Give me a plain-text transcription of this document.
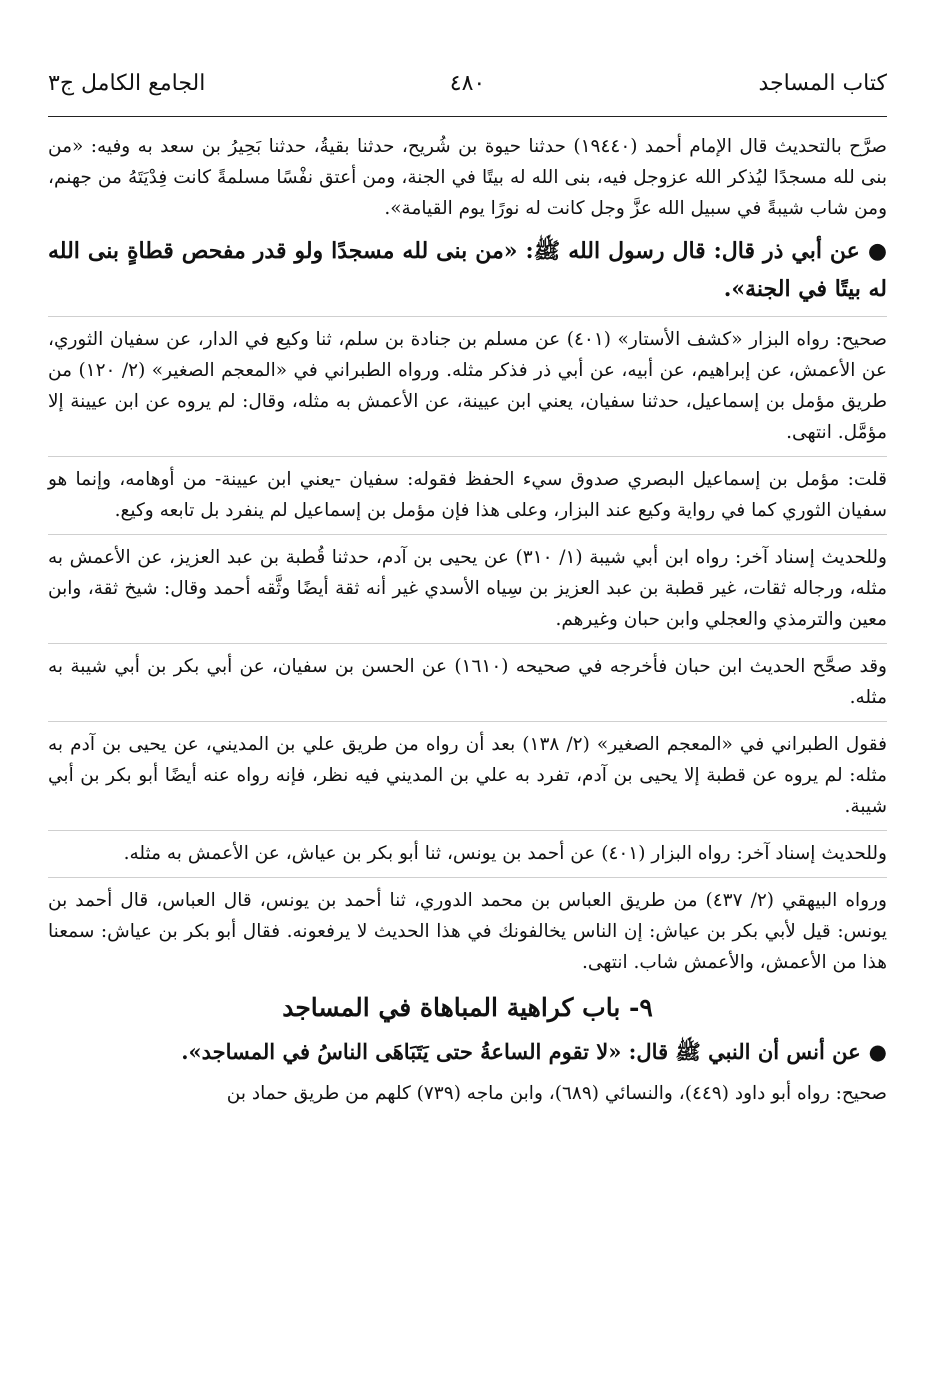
كتاب المساجد
٤٨٠
الجامع الكامل ج٣

صرَّح بالتحديث قال الإمام أحمد (١٩٤٤٠) حدثنا حيوة بن شُريح، حدثنا بقيةُ، حدثنا بَحِيرُ بن سعد به وفيه: «من بنى لله مسجدًا ليُذكر الله عزوجل فيه، بنى الله له بيتًا في الجنة، ومن أعتق نفْسًا مسلمةً كانت فِدْيَتَهُ من جهنم، ومن شاب شيبةً في سبيل الله عزَّ وجل كانت له نورًا يوم القيامة».

●عن أبي ذر قال: قال رسول الله ﷺ: «من بنى لله مسجدًا ولو قدر مفحص قطاةٍ بنى الله له بيتًا في الجنة».

صحيح: رواه البزار «كشف الأستار» (٤٠١) عن مسلم بن جنادة بن سلم، ثنا وكيع في الدار، عن سفيان الثوري، عن الأعمش، عن إبراهيم، عن أبيه، عن أبي ذر فذكر مثله. ورواه الطبراني في «المعجم الصغير» (٢/ ١٢٠) من طريق مؤمل بن إسماعيل، حدثنا سفيان، يعني ابن عيينة، عن الأعمش به مثله، وقال: لم يروه عن ابن عيينة إلا مؤمَّل. انتهى.

قلت: مؤمل بن إسماعيل البصري صدوق سيء الحفظ فقوله: سفيان -يعني ابن عيينة- من أوهامه، وإنما هو سفيان الثوري كما في رواية وكيع عند البزار، وعلى هذا فإن مؤمل بن إسماعيل لم ينفرد بل تابعه وكيع.

وللحديث إسناد آخر: رواه ابن أبي شيبة (١/ ٣١٠) عن يحيى بن آدم، حدثنا قُطبة بن عبد العزيز، عن الأعمش به مثله، ورجاله ثقات، غير قطبة بن عبد العزيز بن سِياه الأسدي غير أنه ثقة أيضًا وثَّقه أحمد وقال: شيخ ثقة، وابن معين والترمذي والعجلي وابن حبان وغيرهم.

وقد صحَّح الحديث ابن حبان فأخرجه في صحيحه (١٦١٠) عن الحسن بن سفيان، عن أبي بكر بن أبي شيبة به مثله.

فقول الطبراني في «المعجم الصغير» (٢/ ١٣٨) بعد أن رواه من طريق علي بن المديني، عن يحيى بن آدم به مثله: لم يروه عن قطبة إلا يحيى بن آدم، تفرد به علي بن المديني فيه نظر، فإنه رواه عنه أيضًا أبو بكر بن أبي شيبة.

وللحديث إسناد آخر: رواه البزار (٤٠١) عن أحمد بن يونس، ثنا أبو بكر بن عياش، عن الأعمش به مثله.

ورواه البيهقي (٢/ ٤٣٧) من طريق العباس بن محمد الدوري، ثنا أحمد بن يونس، قال العباس، قال أحمد بن يونس: قيل لأبي بكر بن عياش: إن الناس يخالفونك في هذا الحديث لا يرفعونه. فقال أبو بكر بن عياش: سمعنا هذا من الأعمش، والأعمش شاب. انتهى.

٩- باب كراهية المباهاة في المساجد
●عن أنس أن النبي ﷺ قال: «لا تقوم الساعةُ حتى يَتَبَاهَى الناسُ في المساجد».

صحيح: رواه أبو داود (٤٤٩)، والنسائي (٦٨٩)، وابن ماجه (٧٣٩) كلهم من طريق حماد بن
